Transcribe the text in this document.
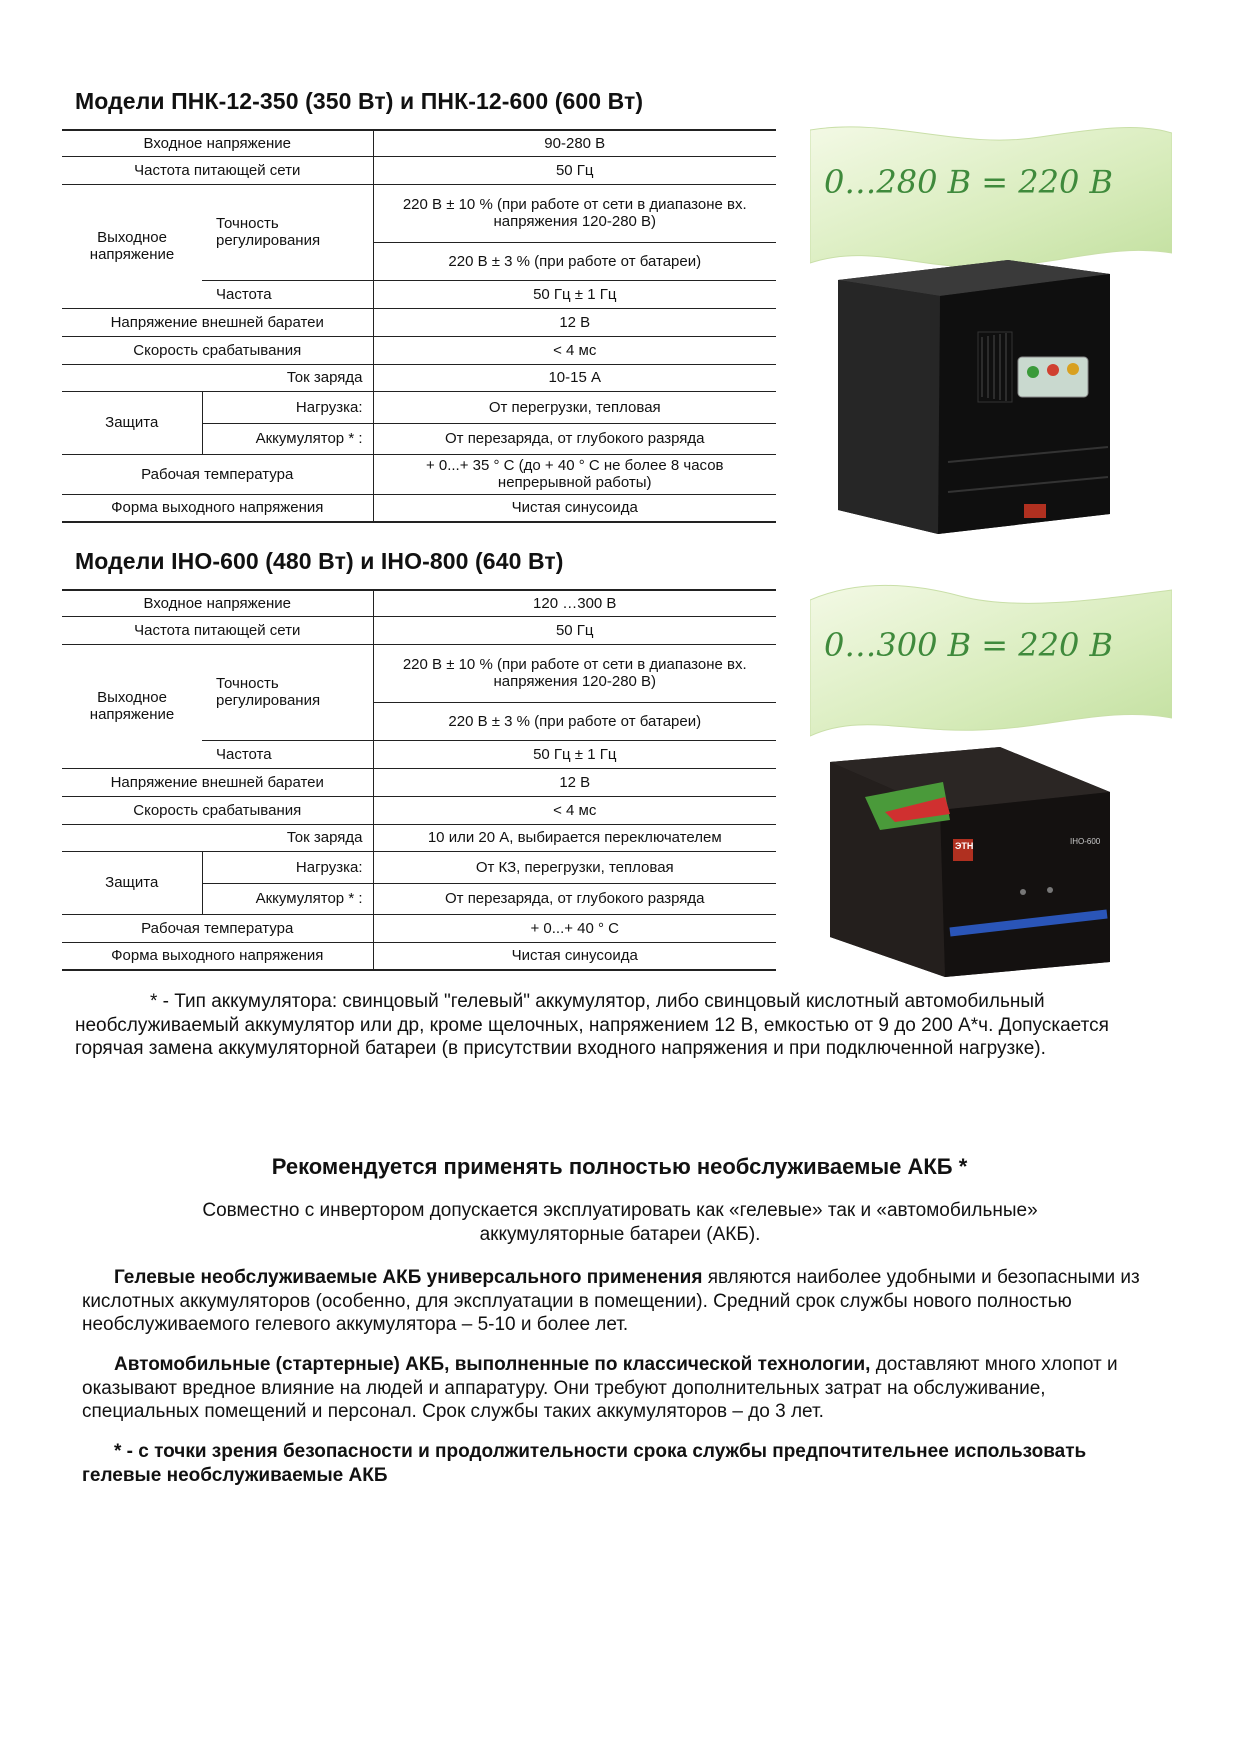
Модели ПНК-12-350 (350 Вт) и ПНК-12-600 (600 Вт)
Входное напряжение		90-280 В
Частота питающей сети		50 Гц
Выходное напряжение	Точность регулирования	220 В ± 10 % (при работе от сети в диапазоне вх. напряжения 120-280 В)
		220 В ± 3 % (при работе от батареи)
	Частота	50 Гц ± 1 Гц
Напряжение внешней баратеи		12 В
Скорость срабатывания		< 4 мс
Ток заряда		10-15 А
Защита	Нагрузка:	От перегрузки, тепловая
	Аккумулятор * :	От перезаряда, от глубокого разряда
Рабочая температура		+ 0...+ 35 ° С (до + 40 ° С не более 8 часов непрерывной работы)
Форма выходного напряжения		Чистая синусоида
0…280 В = 220 В
Модели IНО-600 (480 Вт) и IНО-800 (640 Вт)
Входное напряжение		120 …300 В
Частота питающей сети		50 Гц
Выходное напряжение	Точность регулирования	220 В ± 10 % (при работе от сети в диапазоне вх. напряжения 120-280 В)
		220 В ± 3 % (при работе от батареи)
	Частота	50 Гц ± 1 Гц
Напряжение внешней баратеи		12 В
Скорость срабатывания		< 4 мс
Ток заряда		10 или 20 А, выбирается переключателем
Защита	Нагрузка:	От КЗ, перегрузки, тепловая
	Аккумулятор * :	От перезаряда, от глубокого разряда
Рабочая температура		+ 0...+ 40 ° С
Форма выходного напряжения		Чистая синусоида
0…300 В = 220 В
ЭТН	IНО-600
* - Тип аккумулятора: свинцовый "гелевый" аккумулятор, либо свинцовый кислотный автомобильный необслуживаемый аккумулятор или др, кроме щелочных, напряжением 12 В, емкостью от 9 до 200 А*ч. Допускается горячая замена аккумуляторной батареи (в присутствии входного напряжения и при подключенной нагрузке).
Рекомендуется применять полностью необслуживаемые АКБ *
Совместно с инвертором допускается эксплуатировать как «гелевые» так и «автомобильные» аккумуляторные батареи (АКБ).
Гелевые необслуживаемые АКБ универсального применения являются наиболее удобными и безопасными из кислотных аккумуляторов (особенно, для эксплуатации в помещении). Средний срок службы нового полностью необслуживаемого гелевого аккумулятора – 5-10 и более лет.
Автомобильные (стартерные) АКБ, выполненные по классической технологии, доставляют много хлопот и оказывают вредное влияние на людей и аппаратуру. Они требуют дополнительных затрат на обслуживание, специальных помещений и персонал. Срок службы таких аккумуляторов – до 3 лет.
* - с точки зрения безопасности и продолжительности срока службы предпочтительнее использовать гелевые необслуживаемые АКБ
